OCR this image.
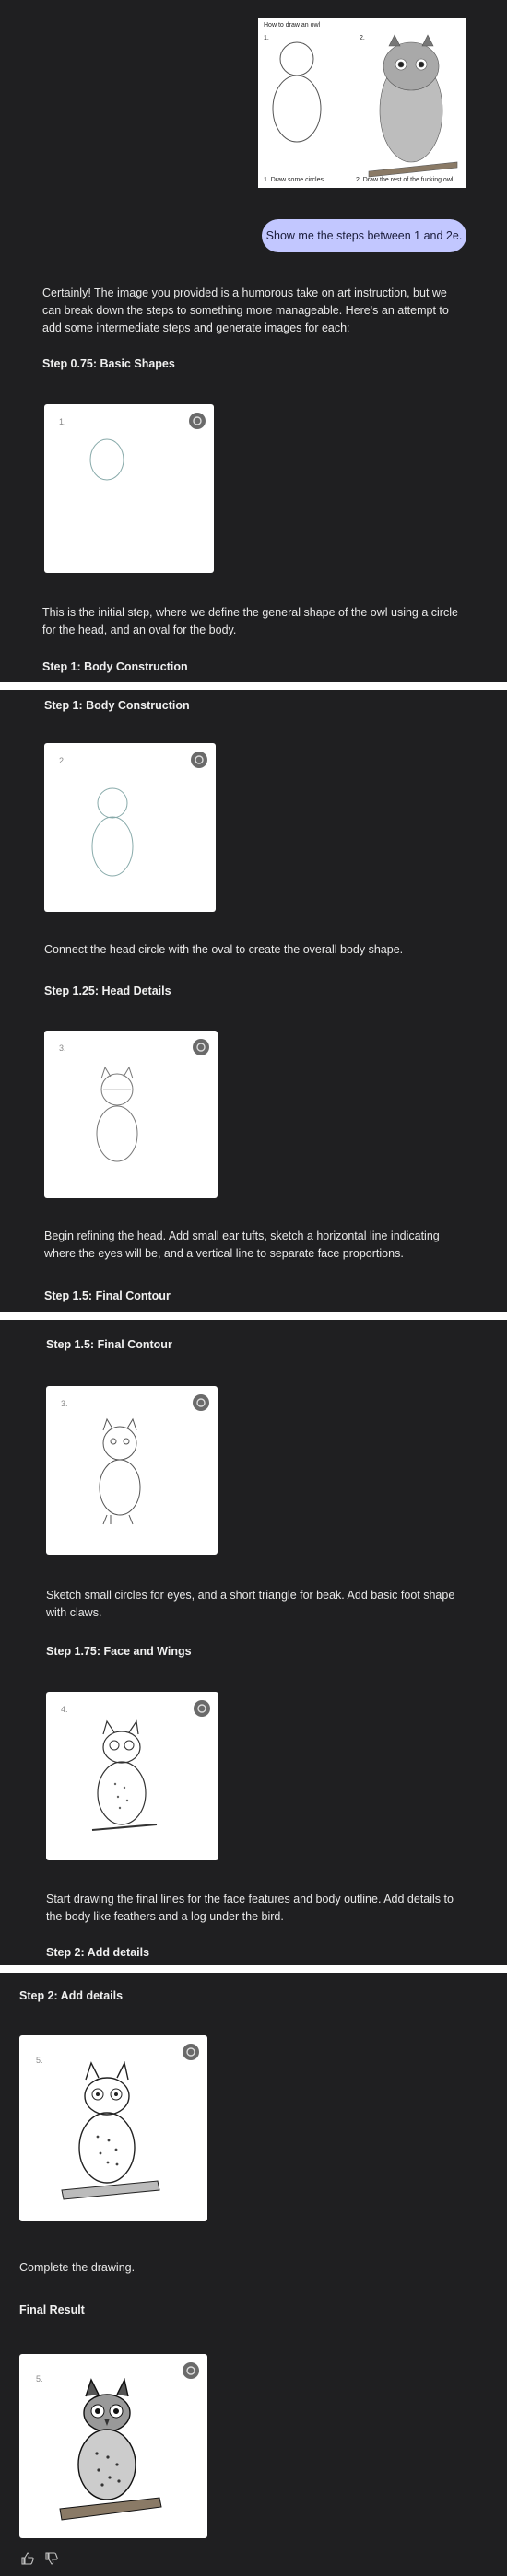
How to draw an owl
1.	2.
1. Draw some circles	2. Draw the rest of the fucking owl
Show me the steps between 1 and 2e.
Certainly! The image you provided is a humorous take on art instruction, but we can break down the steps to something more manageable. Here's an attempt to add some intermediate steps and generate images for each:
Step 0.75: Basic Shapes
1.
This is the initial step, where we define the general shape of the owl using a circle for the head, and an oval for the body.
Step 1: Body Construction
Step 1: Body Construction
2.
Connect the head circle with the oval to create the overall body shape.
Step 1.25: Head Details
3.
Begin refining the head. Add small ear tufts, sketch a horizontal line indicating where the eyes will be, and a vertical line to separate face proportions.
Step 1.5: Final Contour
Step 1.5: Final Contour
3.
Sketch small circles for eyes, and a short triangle for beak. Add basic foot shape with claws.
Step 1.75: Face and Wings
4.
Start drawing the final lines for the face features and body outline. Add details to the body like feathers and a log under the bird.
Step 2: Add details
Step 2: Add details
5.
Complete the drawing.
Final Result
5.
